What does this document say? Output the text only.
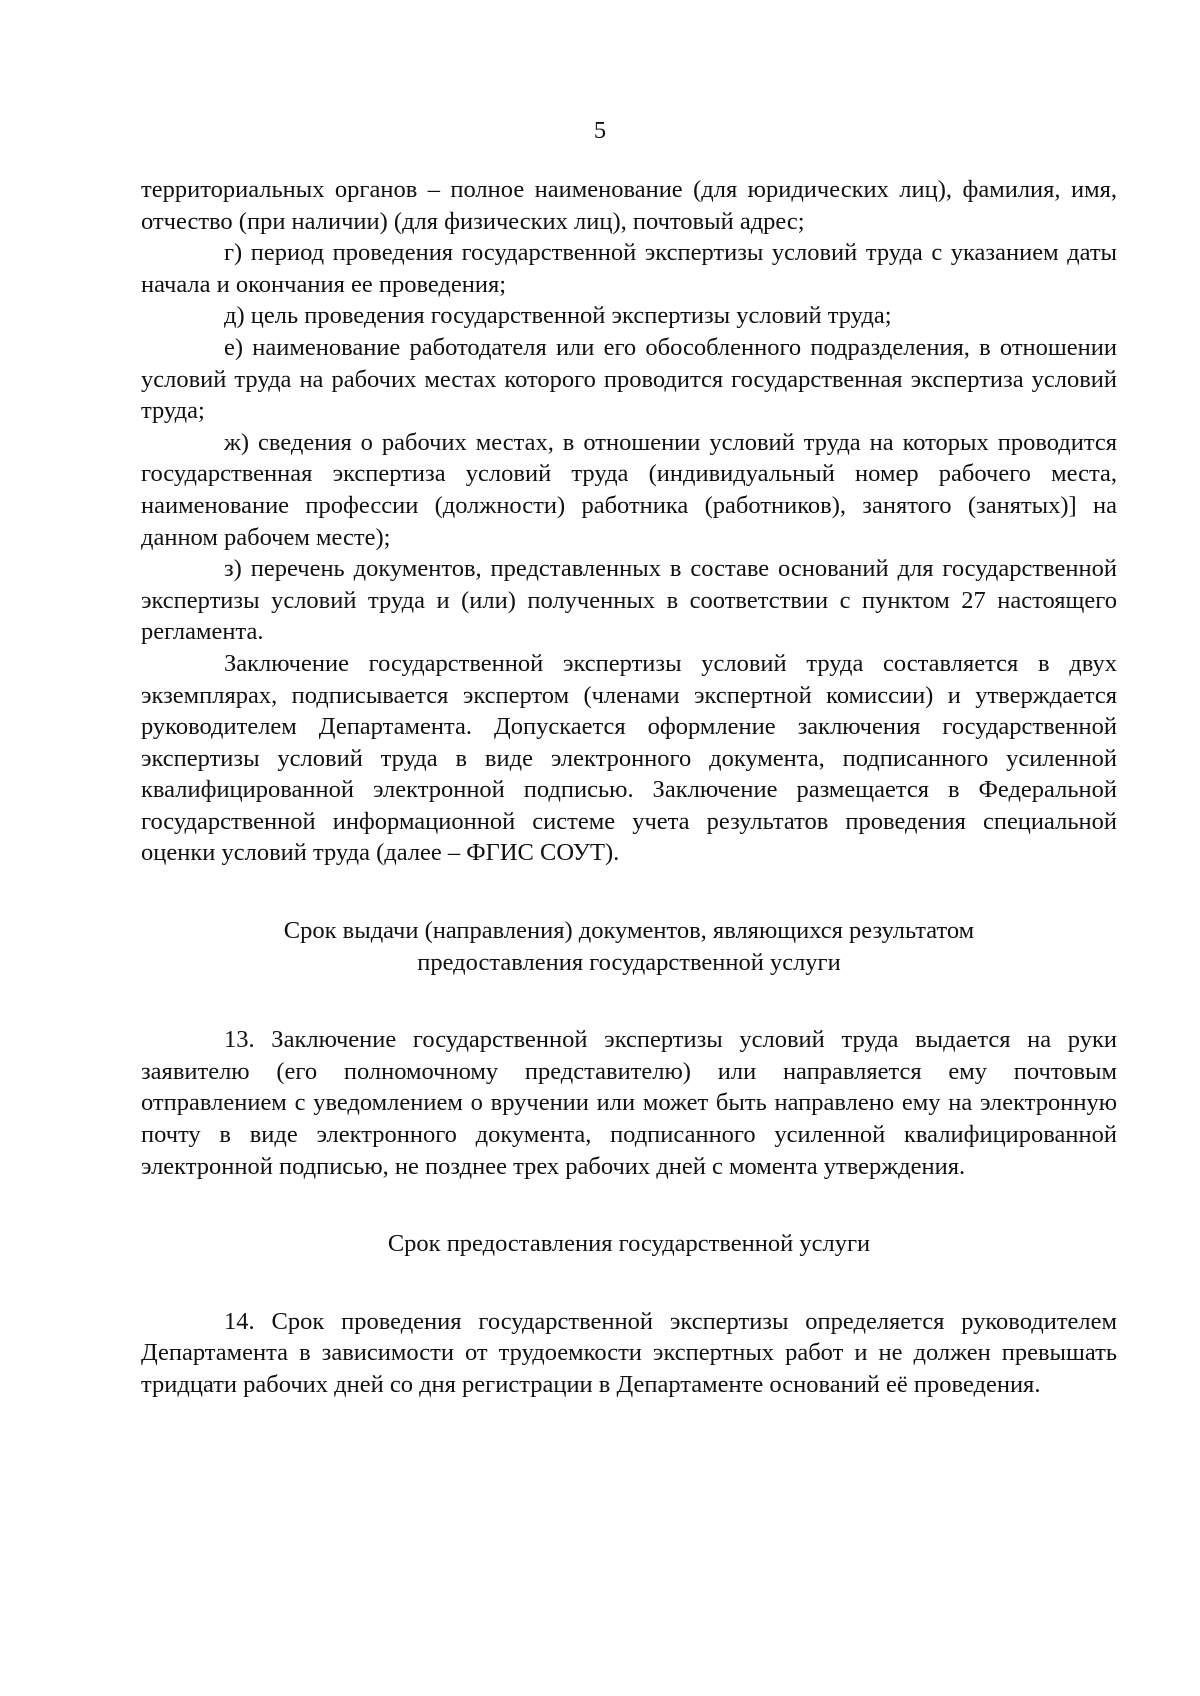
5

территориальных органов – полное наименование (для юридических лиц), фамилия, имя, отчество (при наличии) (для физических лиц), почтовый адрес;

г) период проведения государственной экспертизы условий труда с указанием даты начала и окончания ее проведения;

д) цель проведения государственной экспертизы условий труда;

е) наименование работодателя или его обособленного подразделения, в отношении условий труда на рабочих местах которого проводится государственная экспертиза условий труда;

ж) сведения о рабочих местах, в отношении условий труда на которых проводится государственная экспертиза условий труда (индивидуальный номер рабочего места, наименование профессии (должности) работника (работников), занятого (занятых)] на данном рабочем месте);

з) перечень документов, представленных в составе оснований для государственной экспертизы условий труда и (или) полученных в соответствии с пунктом 27 настоящего регламента.

Заключение государственной экспертизы условий труда составляется в двух экземплярах, подписывается экспертом (членами экспертной комиссии) и утверждается руководителем Департамента. Допускается оформление заключения государственной экспертизы условий труда в виде электронного документа, подписанного усиленной квалифицированной электронной подписью. Заключение размещается в Федеральной государственной информационной системе учета результатов проведения специальной оценки условий труда (далее – ФГИС СОУТ).

Срок выдачи (направления) документов, являющихся результатом
предоставления государственной услуги

13. Заключение государственной экспертизы условий труда выдается на руки заявителю (его полномочному представителю) или направляется ему почтовым отправлением с уведомлением о вручении или может быть направлено ему на электронную почту в виде электронного документа, подписанного усиленной квалифицированной электронной подписью, не позднее трех рабочих дней с момента утверждения.

Срок предоставления государственной услуги

14. Срок проведения государственной экспертизы определяется руководителем Департамента в зависимости от трудоемкости экспертных работ и не должен превышать тридцати рабочих дней со дня регистрации в Департаменте оснований её проведения.
